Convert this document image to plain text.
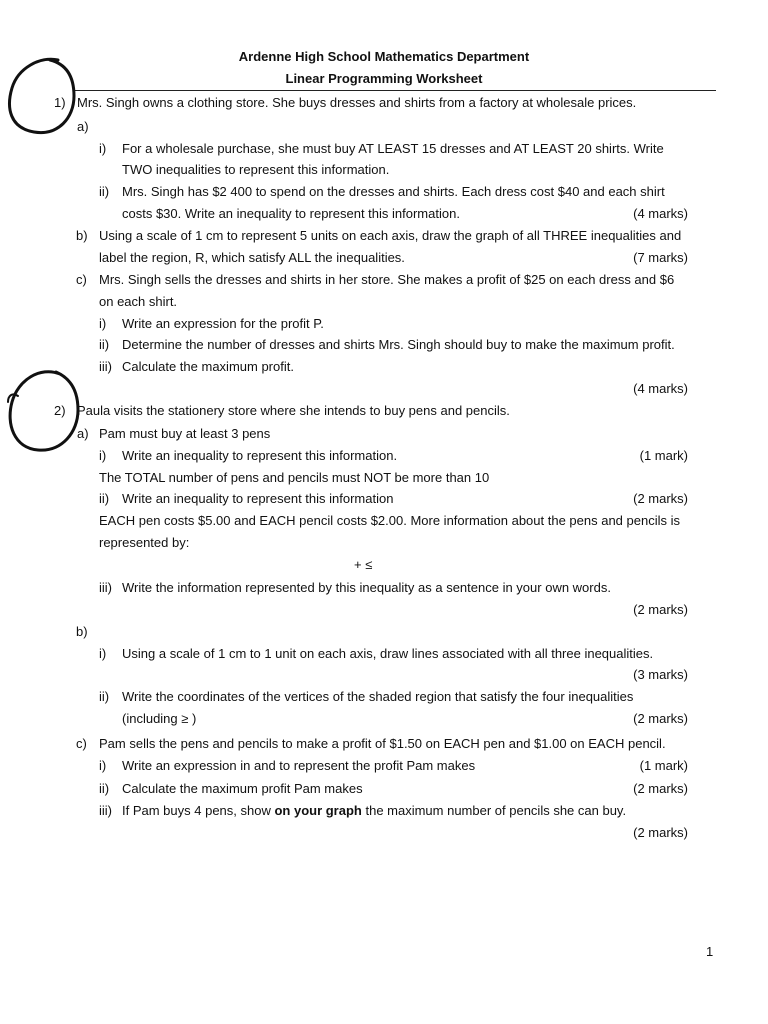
Ardenne High School Mathematics Department
Linear Programming Worksheet
1) Mrs. Singh owns a clothing store. She buys dresses and shirts from a factory at wholesale prices.
a)
i) For a wholesale purchase, she must buy AT LEAST 15 dresses and AT LEAST 20 shirts. Write
TWO inequalities to represent this information.
ii) Mrs. Singh has $2 400 to spend on the dresses and shirts. Each dress cost $40 and each shirt
costs $30. Write an inequality to represent this information.	(4 marks)
b) Using a scale of 1 cm to represent 5 units on each axis, draw the graph of all THREE inequalities and
label the region, R, which satisfy ALL the inequalities.	(7 marks)
c) Mrs. Singh sells the dresses and shirts in her store. She makes a profit of $25 on each dress and $6
on each shirt.
i) Write an expression for the profit P.
ii) Determine the number of dresses and shirts Mrs. Singh should buy to make the maximum profit.
iii) Calculate the maximum profit.
(4 marks)
2) Paula visits the stationery store where she intends to buy pens and pencils.
a) Pam must buy at least 3 pens
i) Write an inequality to represent this information.	(1 mark)
The TOTAL number of pens and pencils must NOT be more than 10
ii) Write an inequality to represent this information	(2 marks)
EACH pen costs $5.00 and EACH pencil costs $2.00. More information about the pens and pencils is
represented by:
+ ≤
iii) Write the information represented by this inequality as a sentence in your own words.
(2 marks)
b)
i) Using a scale of 1 cm to 1 unit on each axis, draw lines associated with all three inequalities.
(3 marks)
ii) Write the coordinates of the vertices of the shaded region that satisfy the four inequalities
(including ≥ )	(2 marks)
c) Pam sells the pens and pencils to make a profit of $1.50 on EACH pen and $1.00 on EACH pencil.
i) Write an expression in and to represent the profit Pam makes	(1 mark)
ii) Calculate the maximum profit Pam makes	(2 marks)
iii) If Pam buys 4 pens, show on your graph the maximum number of pencils she can buy.
(2 marks)
1
